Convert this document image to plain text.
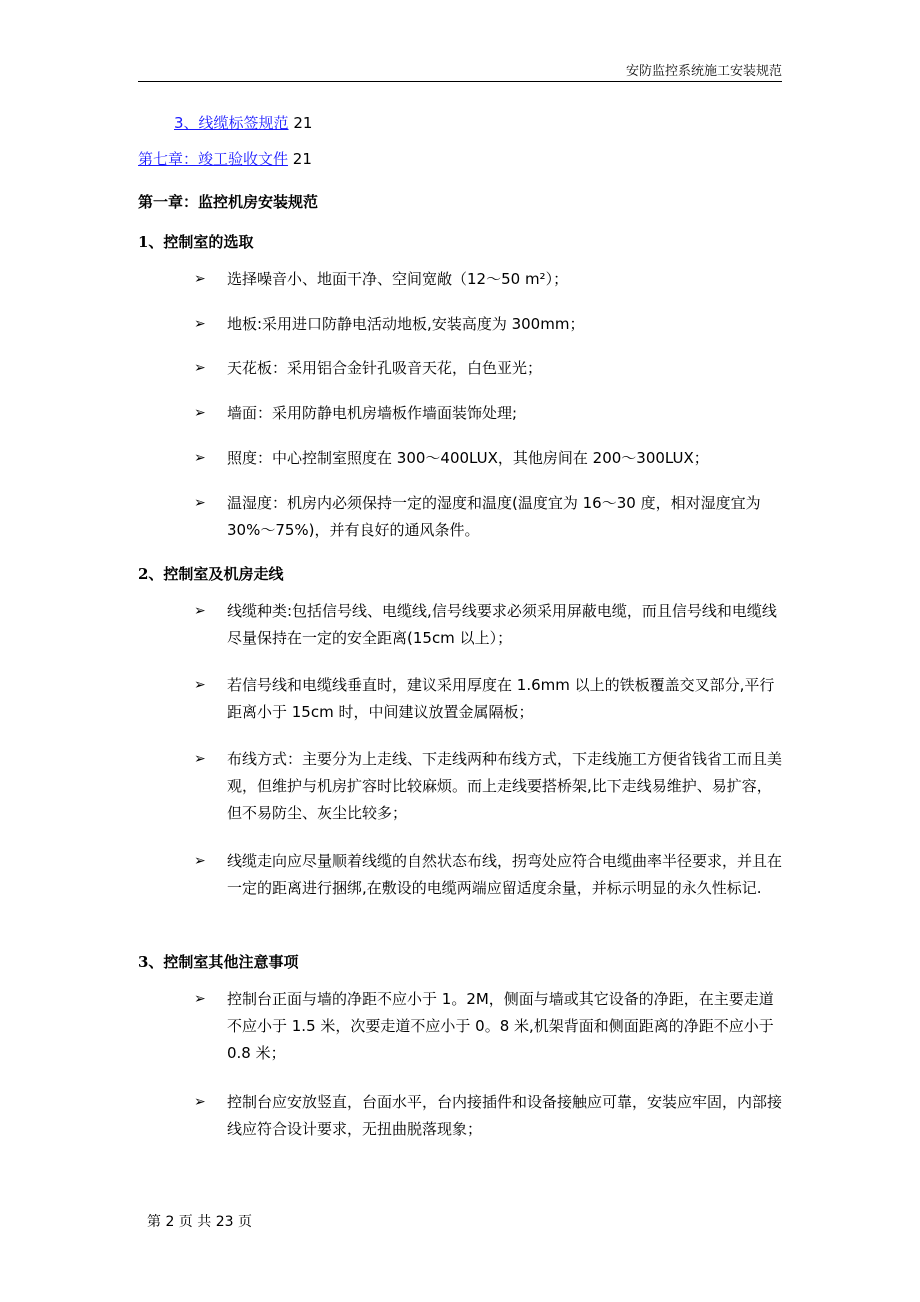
安防监控系统施工安装规范
3、线缆标签规范 21
第七章：竣工验收文件 21
第一章：监控机房安装规范
1、控制室的选取
➢ 选择噪音小、地面干净、空间宽敞（12～50 m²）；
➢ 地板:采用进口防静电活动地板,安装高度为 300mm；
➢ 天花板：采用铝合金针孔吸音天花，白色亚光；
➢ 墙面：采用防静电机房墙板作墙面装饰处理;
➢ 照度：中心控制室照度在 300～400LUX，其他房间在 200～300LUX；
➢ 温湿度：机房内必须保持一定的湿度和温度(温度宜为 16～30 度，相对湿度宜为 30%～75%)，并有良好的通风条件。
2、控制室及机房走线
➢ 线缆种类:包括信号线、电缆线,信号线要求必须采用屏蔽电缆，而且信号线和电缆线尽量保持在一定的安全距离(15cm 以上）；
➢ 若信号线和电缆线垂直时，建议采用厚度在 1.6mm 以上的铁板覆盖交叉部分,平行距离小于 15cm 时，中间建议放置金属隔板；
➢ 布线方式：主要分为上走线、下走线两种布线方式，下走线施工方便省钱省工而且美观，但维护与机房扩容时比较麻烦。而上走线要搭桥架,比下走线易维护、易扩容，但不易防尘、灰尘比较多；
➢ 线缆走向应尽量顺着线缆的自然状态布线，拐弯处应符合电缆曲率半径要求，并且在一定的距离进行捆绑,在敷设的电缆两端应留适度余量，并标示明显的永久性标记.
3、控制室其他注意事项
➢ 控制台正面与墙的净距不应小于 1。2M，侧面与墙或其它设备的净距，在主要走道不应小于 1.5 米，次要走道不应小于 0。8 米,机架背面和侧面距离的净距不应小于 0.8 米；
➢ 控制台应安放竖直，台面水平，台内接插件和设备接触应可靠，安装应牢固，内部接线应符合设计要求，无扭曲脱落现象；
第 2 页 共 23 页
